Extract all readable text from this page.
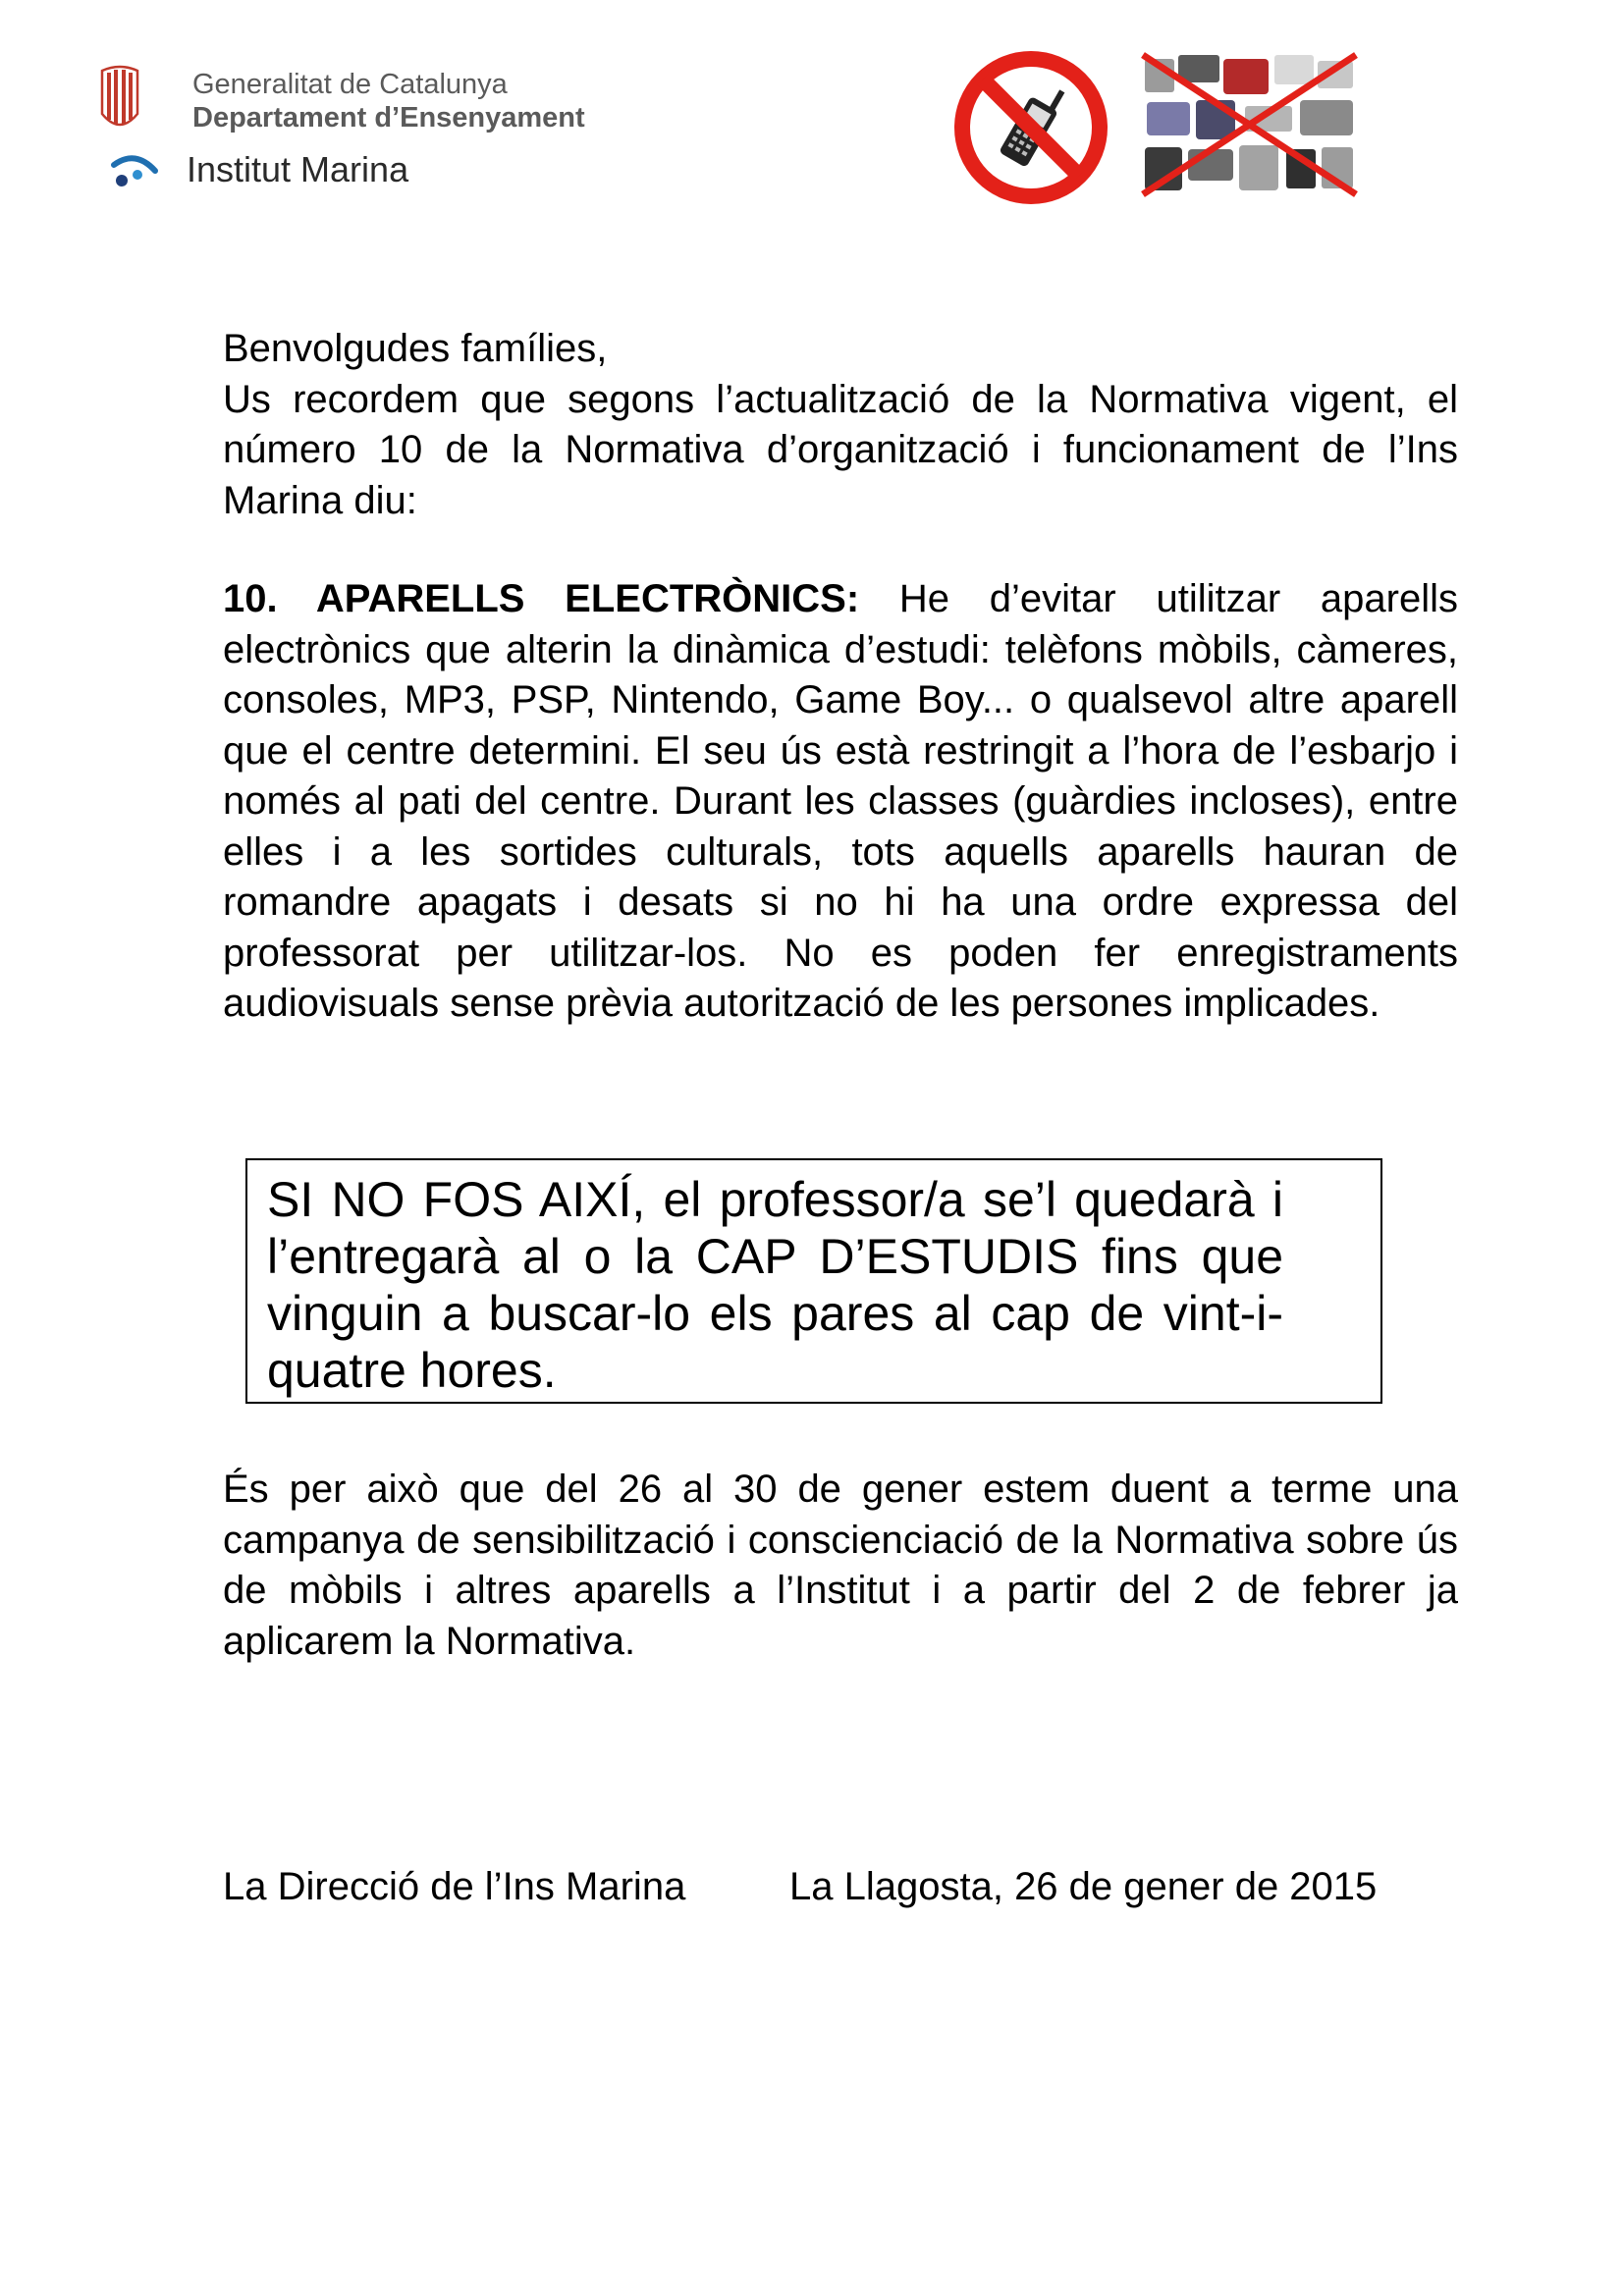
Generalitat de Catalunya
Departament d’Ensenyament
Institut Marina

Benvolgudes famílies,

Us recordem que segons l’actualització de la Normativa vigent, el número 10 de la Normativa d’organització i funcionament de l’Ins Marina diu:

10. APARELLS ELECTRÒNICS: He d’evitar utilitzar aparells electrònics que alterin la dinàmica d’estudi: telèfons mòbils, càmeres, consoles, MP3, PSP, Nintendo, Game Boy... o qualsevol altre aparell que el centre determini. El seu ús està restringit a l’hora de l’esbarjo i només al pati del centre. Durant les classes (guàrdies incloses), entre elles i a les sortides culturals, tots aquells aparells hauran de romandre apagats i desats si no hi ha una ordre expressa del professorat per utilitzar-los. No es poden fer enregistraments audiovisuals sense prèvia autorització de les persones implicades.
SI NO FOS AIXÍ, el professor/a se’l quedarà i l’entregarà al o la CAP D’ESTUDIS fins que vinguin a buscar-lo els pares al cap de vint-i-quatre hores.
És per això que del 26 al 30 de gener estem duent a terme una campanya de sensibilització i conscienciació de la Normativa sobre ús de mòbils i altres aparells a l’Institut i a partir del 2 de febrer ja aplicarem la Normativa.
La Direcció de l’Ins Marina	La Llagosta, 26 de gener de 2015
